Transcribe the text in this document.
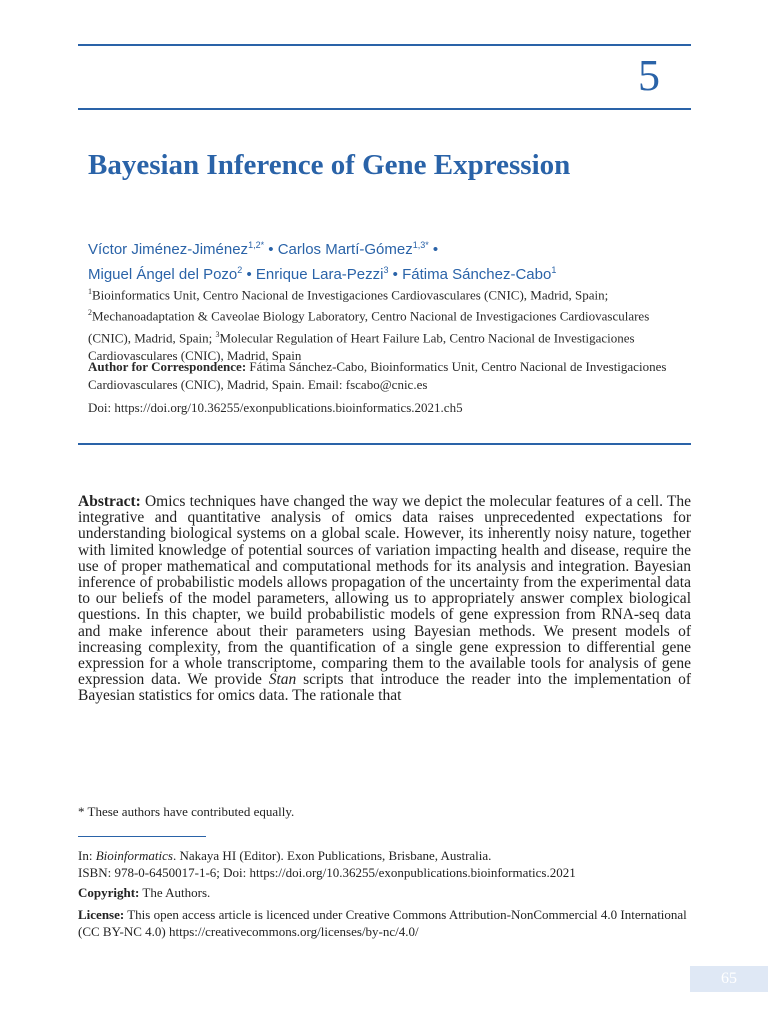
5
Bayesian Inference of Gene Expression
Víctor Jiménez-Jiménez$^{1,2*}$ • Carlos Martí-Gómez$^{1,3*}$ •
Miguel Ángel del Pozo$^2$ • Enrique Lara-Pezzi$^3$ • Fátima Sánchez-Cabo$^1$
$^1$Bioinformatics Unit, Centro Nacional de Investigaciones Cardiovasculares (CNIC), Madrid, Spain; $^2$Mechanoadaptation & Caveolae Biology Laboratory, Centro Nacional de Investigaciones Cardiovasculares (CNIC), Madrid, Spain; $^3$Molecular Regulation of Heart Failure Lab, Centro Nacional de Investigaciones Cardiovasculares (CNIC), Madrid, Spain
Author for Correspondence: Fátima Sánchez-Cabo, Bioinformatics Unit, Centro Nacional de Investigaciones Cardiovasculares (CNIC), Madrid, Spain. Email: fscabo@cnic.es
Doi: https://doi.org/10.36255/exonpublications.bioinformatics.2021.ch5
Abstract: Omics techniques have changed the way we depict the molecular features of a cell. The integrative and quantitative analysis of omics data raises unprecedented expectations for understanding biological systems on a global scale. However, its inherently noisy nature, together with limited knowledge of potential sources of variation impacting health and disease, require the use of proper mathematical and computational methods for its analysis and integration. Bayesian inference of probabilistic models allows propagation of the uncertainty from the experimental data to our beliefs of the model parameters, allowing us to appropriately answer complex biological questions. In this chapter, we build probabilistic models of gene expression from RNA-seq data and make inference about their parameters using Bayesian methods. We present models of increasing complexity, from the quantification of a single gene expression to differential gene expression for a whole transcriptome, comparing them to the available tools for analysis of gene expression data. We provide Stan scripts that introduce the reader into the implementation of Bayesian statistics for omics data. The rationale that
* These authors have contributed equally.
In: Bioinformatics. Nakaya HI (Editor). Exon Publications, Brisbane, Australia.
ISBN: 978-0-6450017-1-6; Doi: https://doi.org/10.36255/exonpublications.bioinformatics.2021
Copyright: The Authors.
License: This open access article is licenced under Creative Commons Attribution-NonCommercial 4.0 International (CC BY-NC 4.0) https://creativecommons.org/licenses/by-nc/4.0/
65
